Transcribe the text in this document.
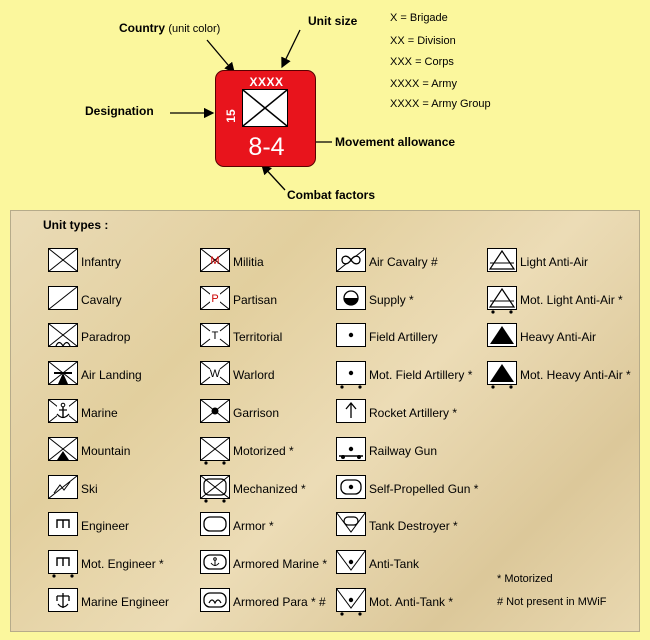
Country (unit color)
Unit size
Designation
Movement allowance
Combat factors
XXXX
15
8-4
X = Brigade
XX = Division
XXX = Corps
XXXX = Army
XXXX = Army Group
Unit types :
Infantry
Cavalry
Paradrop
Air Landing
Marine
Mountain
Ski
Engineer
Mot. Engineer *
Marine Engineer
M Militia
P Partisan
T Territorial
W Warlord
Garrison
Motorized *
Mechanized *
Armor *
Armored Marine *
Armored Para * #
Air Cavalry #
Supply *
Field Artillery
Mot. Field Artillery *
Rocket Artillery *
Railway Gun
Self-Propelled Gun *
Tank Destroyer *
Anti-Tank
Mot. Anti-Tank *
Light Anti-Air
Mot. Light Anti-Air *
Heavy Anti-Air
Mot. Heavy Anti-Air *
* Motorized
# Not present in MWiF
